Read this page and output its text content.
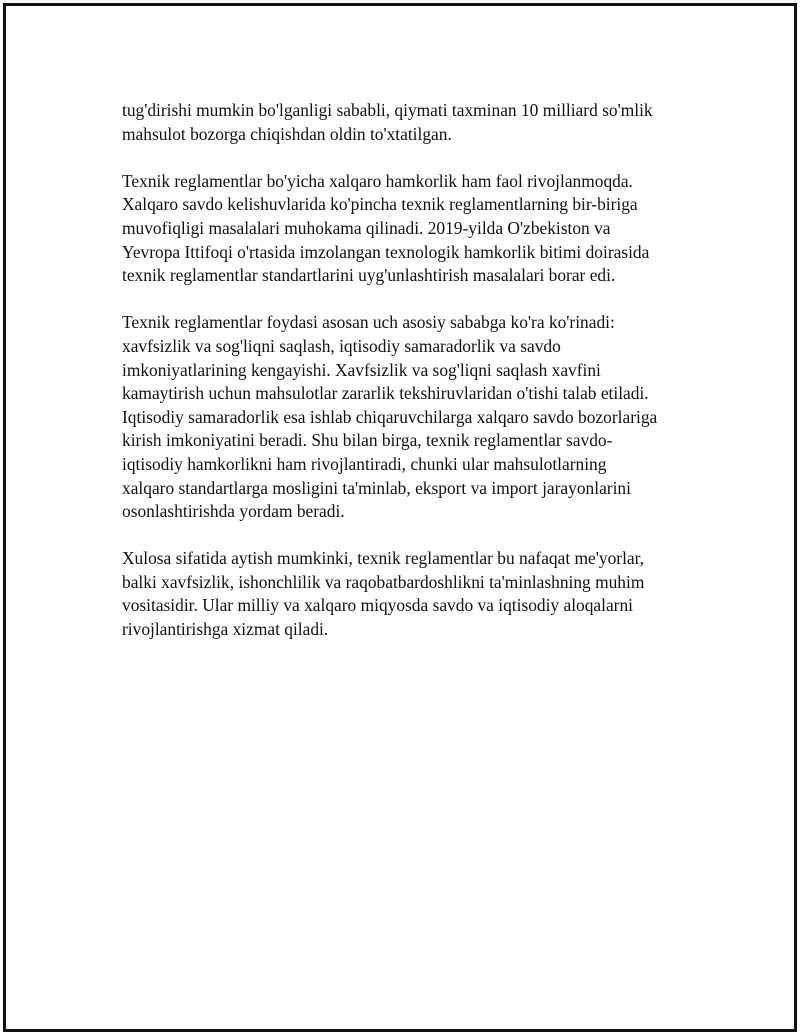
tug'dirishi mumkin bo'lganligi sababli, qiymati taxminan 10 milliard so'mlik
mahsulot bozorga chiqishdan oldin to'xtatilgan.

Texnik reglamentlar bo'yicha xalqaro hamkorlik ham faol rivojlanmoqda.
Xalqaro savdo kelishuvlarida ko'pincha texnik reglamentlarning bir-biriga
muvofiqligi masalalari muhokama qilinadi. 2019-yilda O'zbekiston va
Yevropa Ittifoqi o'rtasida imzolangan texnologik hamkorlik bitimi doirasida
texnik reglamentlar standartlarini uyg'unlashtirish masalalari borar edi.

Texnik reglamentlar foydasi asosan uch asosiy sababga ko'ra ko'rinadi:
xavfsizlik va sog'liqni saqlash, iqtisodiy samaradorlik va savdo
imkoniyatlarining kengayishi. Xavfsizlik va sog'liqni saqlash xavfini
kamaytirish uchun mahsulotlar zararlik tekshiruvlaridan o'tishi talab etiladi.
Iqtisodiy samaradorlik esa ishlab chiqaruvchilarga xalqaro savdo bozorlariga
kirish imkoniyatini beradi. Shu bilan birga, texnik reglamentlar savdo-
iqtisodiy hamkorlikni ham rivojlantiradi, chunki ular mahsulotlarning
xalqaro standartlarga mosligini ta'minlab, eksport va import jarayonlarini
osonlashtirishda yordam beradi.

Xulosa sifatida aytish mumkinki, texnik reglamentlar bu nafaqat me'yorlar,
balki xavfsizlik, ishonchlilik va raqobatbardoshlikni ta'minlashning muhim
vositasidir. Ular milliy va xalqaro miqyosda savdo va iqtisodiy aloqalarni
rivojlantirishga xizmat qiladi.
